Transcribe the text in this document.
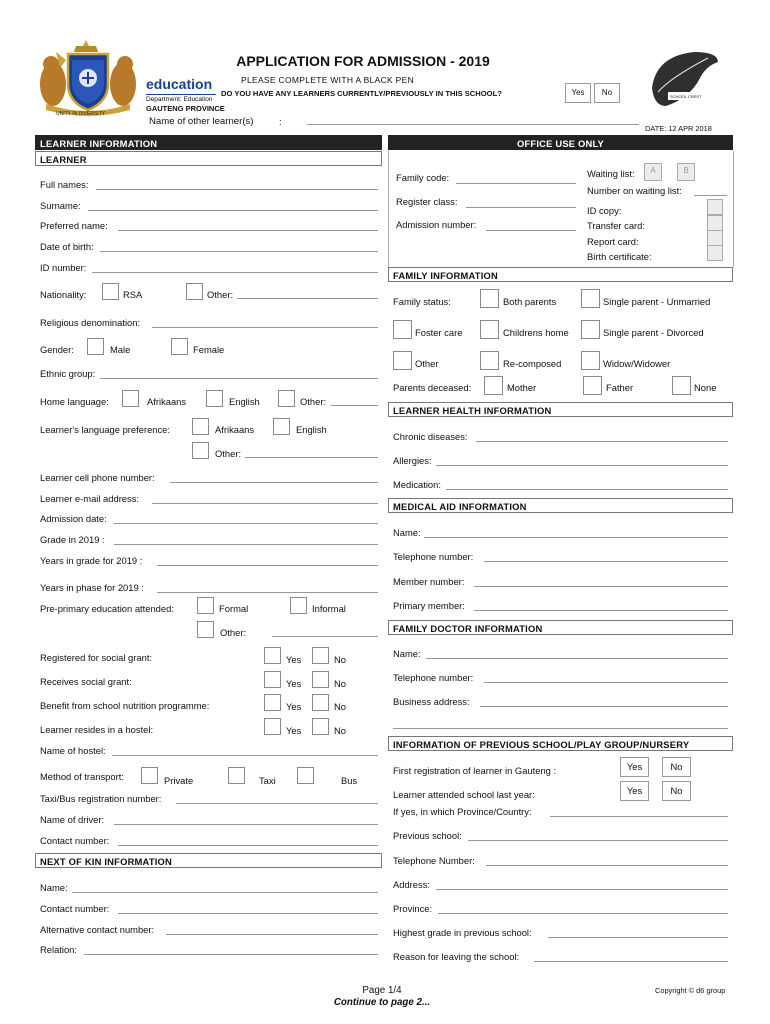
UNITY IN DIVERSITY
education
Department: Education
GAUTENG PROVINCE
APPLICATION FOR ADMISSION - 2019
PLEASE COMPLETE WITH A BLACK PEN
DO YOU HAVE ANY LEARNERS CURRENTLY/PREVIOUSLY IN THIS SCHOOL?	Yes	No
Name of other learner(s)	:
SCHOOL CREST
DATE: 12 APR 2018
LEARNER INFORMATION	OFFICE USE ONLY
LEARNER
Full names:
Surname:
Preferred name:
Date of birth:
ID number:
Nationality:	RSA	Other:
Religious denomination:
Gender:	Male	Female
Ethnic group:
Home language:	Afrikaans	English	Other:
Learner's language preference:	Afrikaans	English
Other:
Learner cell phone number:
Learner e-mail address:
Admission date:
Grade in 2019 :
Years in grade for 2019 :
Years in phase for 2019 :
Pre-primary education attended:	Formal	Informal
Other:
Registered for social grant:	Yes	No
Receives social grant:	Yes	No
Benefit from school nutrition programme:	Yes	No
Learner resides in a hostel:	Yes	No
Name of hostel:
Method of transport:	Private	Taxi	Bus
Taxi/Bus registration number:
Name of driver:
Contact number:
NEXT OF KIN INFORMATION
Name:
Contact number:
Alternative contact number:
Relation:
Family code:	Waiting list:	A	B
Number on waiting list:
Register class:
ID copy:
Admission number:	Transfer card:
Report card:
Birth certificate:
FAMILY INFORMATION
Family status:	Both parents	Single parent - Unmarried
Foster care	Childrens home	Single parent - Divorced
Other	Re-composed	Widow/Widower
Parents deceased:	Mother	Father	None
LEARNER HEALTH INFORMATION
Chronic diseases:
Allergies:
Medication:
MEDICAL AID INFORMATION
Name:
Telephone number:
Member number:
Primary member:
FAMILY DOCTOR INFORMATION
Name:
Telephone number:
Business address:
INFORMATION OF PREVIOUS SCHOOL/PLAY GROUP/NURSERY
First registration of learner in Gauteng :	Yes	No
Learner attended school last year:	Yes	No
If yes, in which Province/Country:
Previous school:
Telephone Number:
Address:
Province:
Highest grade in previous school:
Reason for leaving the school:
Page 1/4
Continue to page 2...
Copyright © d6 group
